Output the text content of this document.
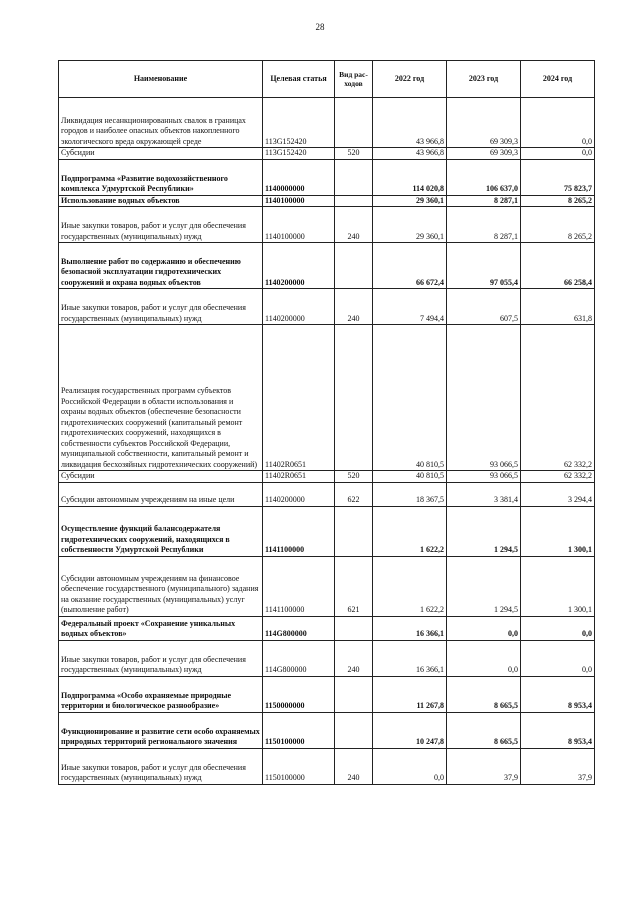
28
Наименование	Целевая статья	Вид рас-ходов	2022 год	2023 год	2024 год
Ликвидация несанкционированных свалок в границах городов и наиболее опасных объектов накопленного экологического вреда окружающей среде	113G152420		43 966,8	69 309,3	0,0
Субсидии	113G152420	520	43 966,8	69 309,3	0,0
Подпрограмма «Развитие водохозяйственного комплекса Удмуртской Республики»	1140000000		114 020,8	106 637,0	75 823,7
Использование водных объектов	1140100000		29 360,1	8 287,1	8 265,2
Иные закупки товаров, работ и услуг для обеспечения государственных (муниципальных) нужд	1140100000	240	29 360,1	8 287,1	8 265,2
Выполнение работ по содержанию и обеспечению безопасной эксплуатации гидротехнических сооружений и охрана водных объектов	1140200000		66 672,4	97 055,4	66 258,4
Иные закупки товаров, работ и услуг для обеспечения государственных (муниципальных) нужд	1140200000	240	7 494,4	607,5	631,8
Реализация государственных программ субъектов Российской Федерации в области использования и охраны водных объектов (обеспечение безопасности гидротехнических сооружений (капитальный ремонт гидротехнических сооружений, находящихся в собственности субъектов Российской Федерации, муниципальной собственности, капитальный ремонт и ликвидация бесхозяйных гидротехнических сооружений)	11402R0651		40 810,5	93 066,5	62 332,2
Субсидии	11402R0651	520	40 810,5	93 066,5	62 332,2
Субсидии автономным учреждениям на иные цели	1140200000	622	18 367,5	3 381,4	3 294,4
Осуществление функций балансодержателя гидротехнических сооружений, находящихся в собственности Удмуртской Республики	1141100000		1 622,2	1 294,5	1 300,1
Субсидии автономным учреждениям на финансовое обеспечение государственного (муниципального) задания на оказание государственных (муниципальных) услуг (выполнение работ)	1141100000	621	1 622,2	1 294,5	1 300,1
Федеральный проект «Сохранение уникальных водных объектов»	114G800000		16 366,1	0,0	0,0
Иные закупки товаров, работ и услуг для обеспечения государственных (муниципальных) нужд	114G800000	240	16 366,1	0,0	0,0
Подпрограмма «Особо охраняемые природные территории и биологическое разнообразие»	1150000000		11 267,8	8 665,5	8 953,4
Функционирование и развитие сети особо охраняемых природных территорий регионального значения	1150100000		10 247,8	8 665,5	8 953,4
Иные закупки товаров, работ и услуг для обеспечения государственных (муниципальных) нужд	1150100000	240	0,0	37,9	37,9
